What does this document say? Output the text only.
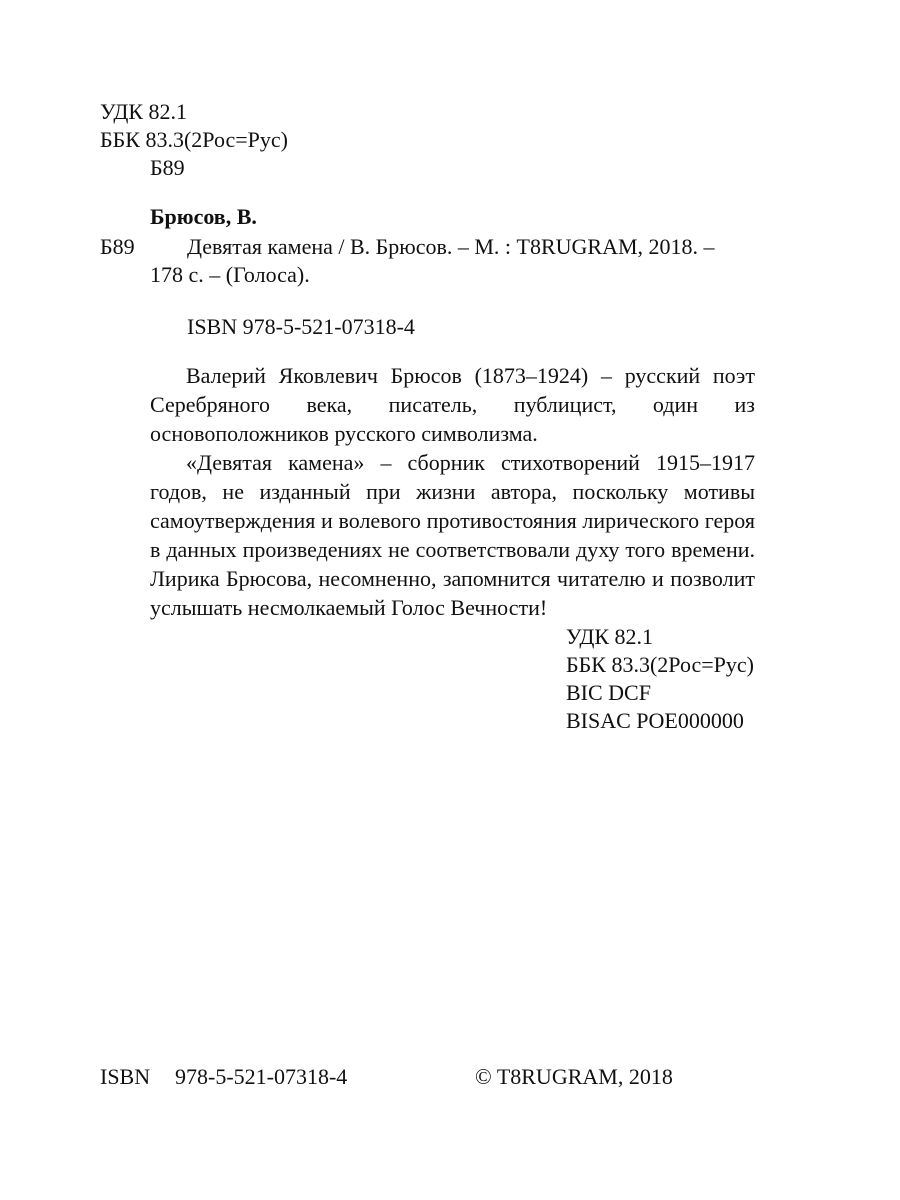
УДК 82.1
ББК 83.3(2Рос=Рус)
Б89
Брюсов, В.
Б89 Девятая камена / В. Брюсов. – М. : T8RUGRAM, 2018. –
178 с. – (Голоса).
ISBN 978-5-521-07318-4

Валерий Яковлевич Брюсов (1873–1924) – русский поэт Серебряного века, писатель, публицист, один из основоположников русского символизма.

«Девятая камена» – сборник стихотворений 1915–1917 годов, не изданный при жизни автора, поскольку мотивы самоутверждения и волевого противостояния лирического героя в данных произведениях не соответствовали духу того времени. Лирика Брюсова, несомненно, запомнится читателю и позволит услышать несмолкаемый Голос Вечности!

УДК 82.1
ББК 83.3(2Рос=Рус)
BIC DCF
BISAC POE000000
ISBN 978-5-521-07318-4	© T8RUGRAM, 2018
